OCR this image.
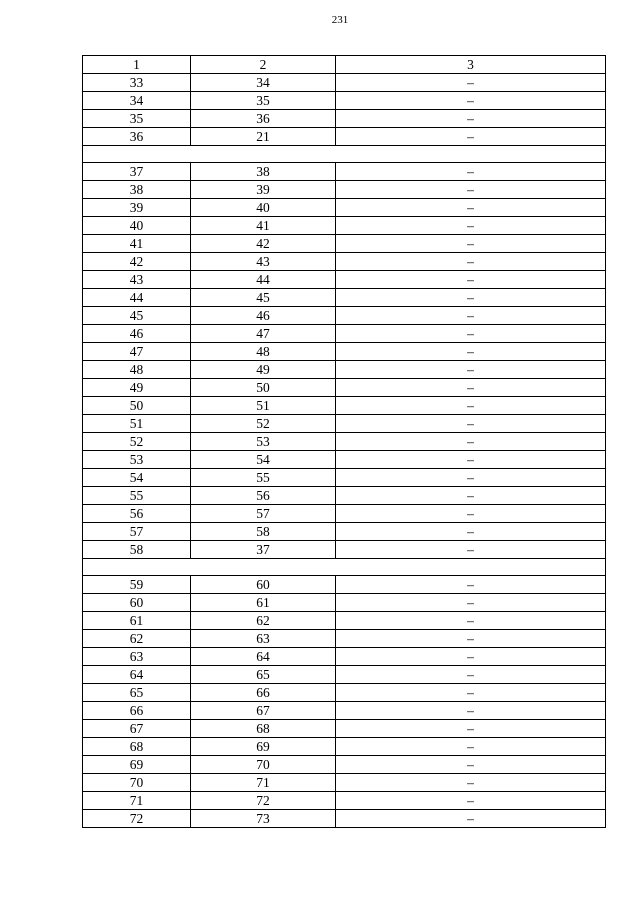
231
1	2	3
33	34	–
34	35	–
35	36	–
36	21	–

37	38	–
38	39	–
39	40	–
40	41	–
41	42	–
42	43	–
43	44	–
44	45	–
45	46	–
46	47	–
47	48	–
48	49	–
49	50	–
50	51	–
51	52	–
52	53	–
53	54	–
54	55	–
55	56	–
56	57	–
57	58	–
58	37	–

59	60	–
60	61	–
61	62	–
62	63	–
63	64	–
64	65	–
65	66	–
66	67	–
67	68	–
68	69	–
69	70	–
70	71	–
71	72	–
72	73	–
